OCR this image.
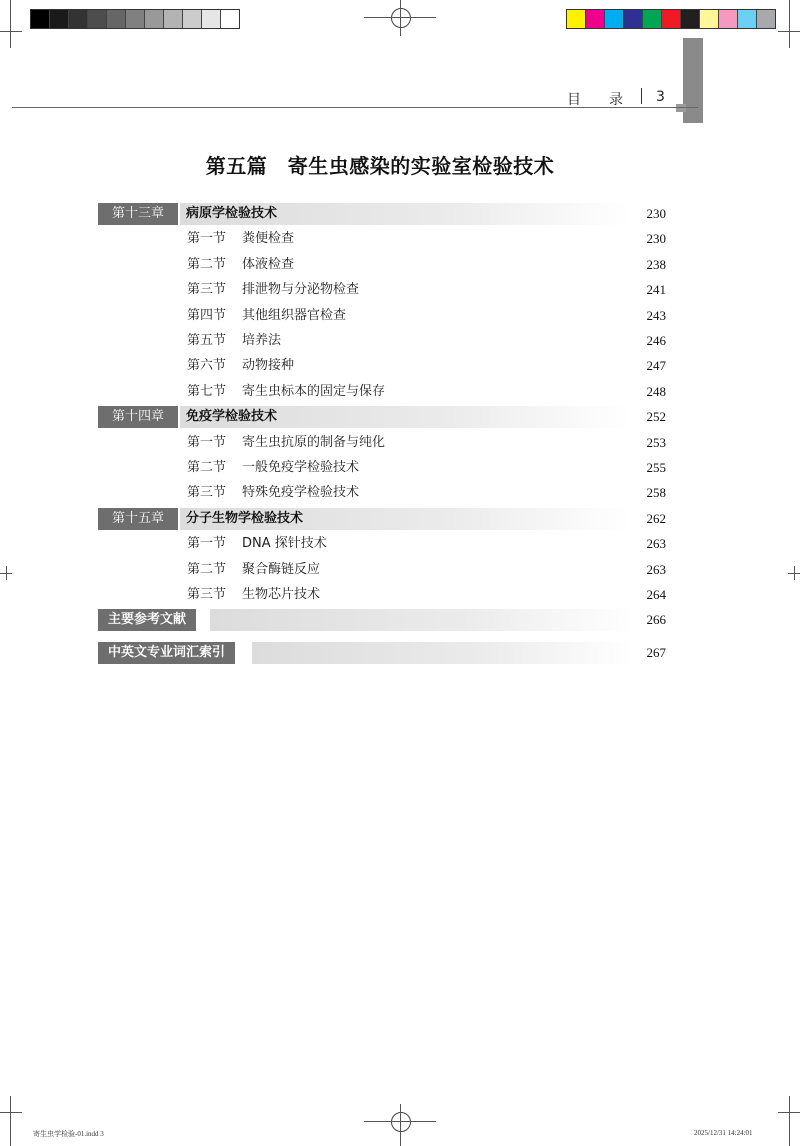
目 录 3
第五篇　寄生虫感染的实验室检验技术
第十三章	病原学检验技术	230
第一节 粪便检查	230
第二节 体液检查	238
第三节 排泄物与分泌物检查	241
第四节 其他组织器官检查	243
第五节 培养法	246
第六节 动物接种	247
第七节 寄生虫标本的固定与保存	248
第十四章	免疫学检验技术	252
第一节 寄生虫抗原的制备与纯化	253
第二节 一般免疫学检验技术	255
第三节 特殊免疫学检验技术	258
第十五章	分子生物学检验技术	262
第一节 DNA 探针技术	263
第二节 聚合酶链反应	263
第三节 生物芯片技术	264
主要参考文献	266
中英文专业词汇索引	267
寄生虫学检验-01.indd 3	2025/12/31 14:24:01
